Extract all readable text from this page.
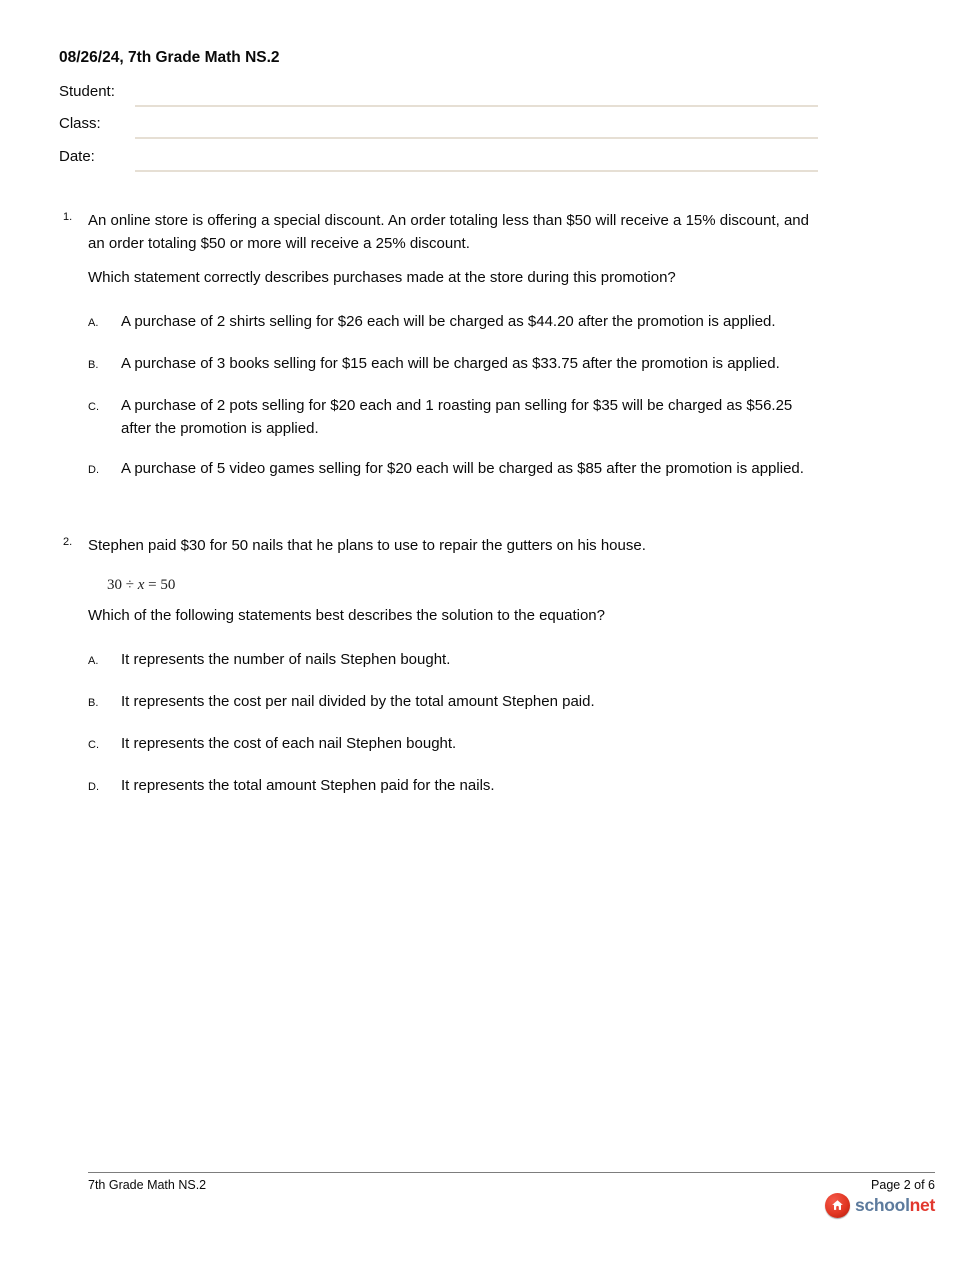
08/26/24, 7th Grade Math NS.2
Student:
Class:
Date:
1.	An online store is offering a special discount. An order totaling less than $50 will receive a 15% discount, and an order totaling $50 or more will receive a 25% discount.

Which statement correctly describes purchases made at the store during this promotion?

A.	A purchase of 2 shirts selling for $26 each will be charged as $44.20 after the promotion is applied.
B.	A purchase of 3 books selling for $15 each will be charged as $33.75 after the promotion is applied.
C.	A purchase of 2 pots selling for $20 each and 1 roasting pan selling for $35 will be charged as $56.25 after the promotion is applied.
D.	A purchase of 5 video games selling for $20 each will be charged as $85 after the promotion is applied.
2.	Stephen paid $30 for 50 nails that he plans to use to repair the gutters on his house.

30 ÷ x = 50

Which of the following statements best describes the solution to the equation?

A.	It represents the number of nails Stephen bought.
B.	It represents the cost per nail divided by the total amount Stephen paid.
C.	It represents the cost of each nail Stephen bought.
D.	It represents the total amount Stephen paid for the nails.
7th Grade Math NS.2	Page 2 of 6
schoolnet
